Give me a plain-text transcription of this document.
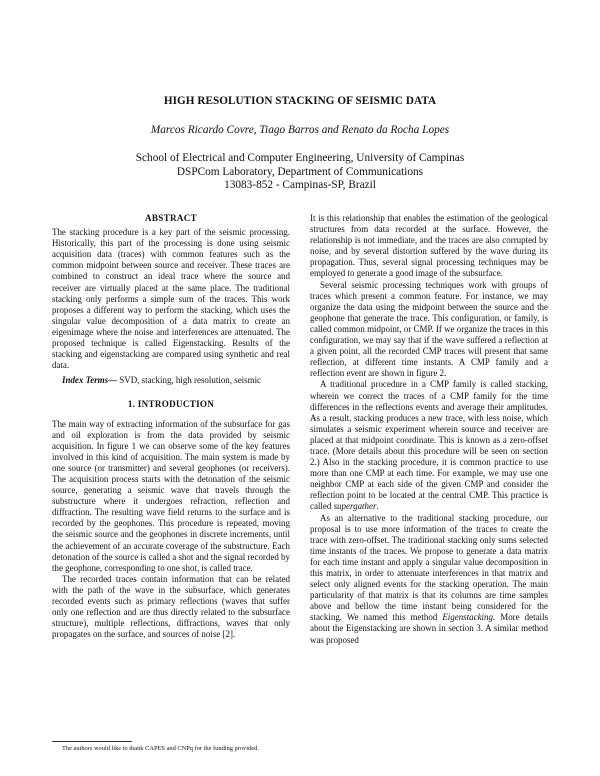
HIGH RESOLUTION STACKING OF SEISMIC DATA
Marcos Ricardo Covre, Tiago Barros and Renato da Rocha Lopes
School of Electrical and Computer Engineering, University of Campinas
DSPCom Laboratory, Department of Communications
13083-852 - Campinas-SP, Brazil
ABSTRACT

The stacking procedure is a key part of the seismic processing. Historically, this part of the processing is done using seismic acquisition data (traces) with common features such as the common midpoint between source and receiver. These traces are combined to construct an ideal trace where the source and receiver are virtually placed at the same place. The traditional stacking only performs a simple sum of the traces. This work proposes a different way to perform the stacking, which uses the singular value decomposition of a data matrix to create an eigenimage where the noise and interferences are attenuated. The proposed technique is called Eigenstacking. Results of the stacking and eigenstacking are compared using synthetic and real data.

Index Terms— SVD, stacking, high resolution, seismic

1. INTRODUCTION

The main way of extracting information of the subsurface for gas and oil exploration is from the data provided by seismic acquisition. In figure 1 we can observe some of the key features involved in this kind of acquisition. The main system is made by one source (or transmitter) and several geophones (or receivers). The acquisition process starts with the detonation of the seismic source, generating a seismic wave that travels through the substructure where it undergoes refraction, reflection and diffraction. The resulting wave field returns to the surface and is recorded by the geophones. This procedure is repeated, moving the seismic source and the geophones in discrete increments, until the achievement of an accurate coverage of the substructure. Each detonation of the source is called a shot and the signal recorded by the geophone, corresponding to one shot, is called trace.

The recorded traces contain information that can be related with the path of the wave in the subsurface, which generates recorded events such as primary reflections (waves that suffer only one reflection and are thus directly related to the subsurface structure), multiple reflections, diffractions, waves that only propagates on the surface, and sources of noise [2].

It is this relationship that enables the estimation of the geological structures from data recorded at the surface. However, the relationship is not immediate, and the traces are also corrupted by noise, and by several distortion suffered by the wave during its propagation. Thus, several signal processing techniques may be employed to generate a good image of the subsurface.

Several seismic processing techniques work with groups of traces which present a common feature. For instance, we may organize the data using the midpoint between the source and the geophone that generate the trace. This configuration, or family, is called common midpoint, or CMP. If we organize the traces in this configuration, we may say that if the wave suffered a reflection at a given point, all the recorded CMP traces will present that same reflection, at different time instants. A CMP family and a reflection event are shown in figure 2.

A traditional procedure in a CMP family is called stacking, wherein we correct the traces of a CMP family for the time differences in the reflections events and average their amplitudes. As a result, stacking produces a new trace, with less noise, which simulates a seismic experiment wherein source and receiver are placed at that midpoint coordinate. This is known as a zero-offset trace. (More details about this procedure will be seen on section 2.) Also in the stacking procedure, it is common practice to use more than one CMP at each time. For example, we may use one neighbor CMP at each side of the given CMP and consider the reflection point to be located at the central CMP. This practice is called supergather.

As an alternative to the traditional stacking procedure, our proposal is to use more information of the traces to create the trace with zero-offset. The traditional stacking only sums selected time instants of the traces. We propose to generate a data matrix for each time instant and apply a singular value decomposition in this matrix, in order to attenuate interferences in that matrix and select only aligned events for the stacking operation. The main particularity of that matrix is that its columns are time samples above and bellow the time instant being considered for the stacking. We named this method Eigenstacking. More details about the Eigenstacking are shown in section 3. A similar method was proposed

The authors would like to thank CAPES and CNPq for the funding provided.
